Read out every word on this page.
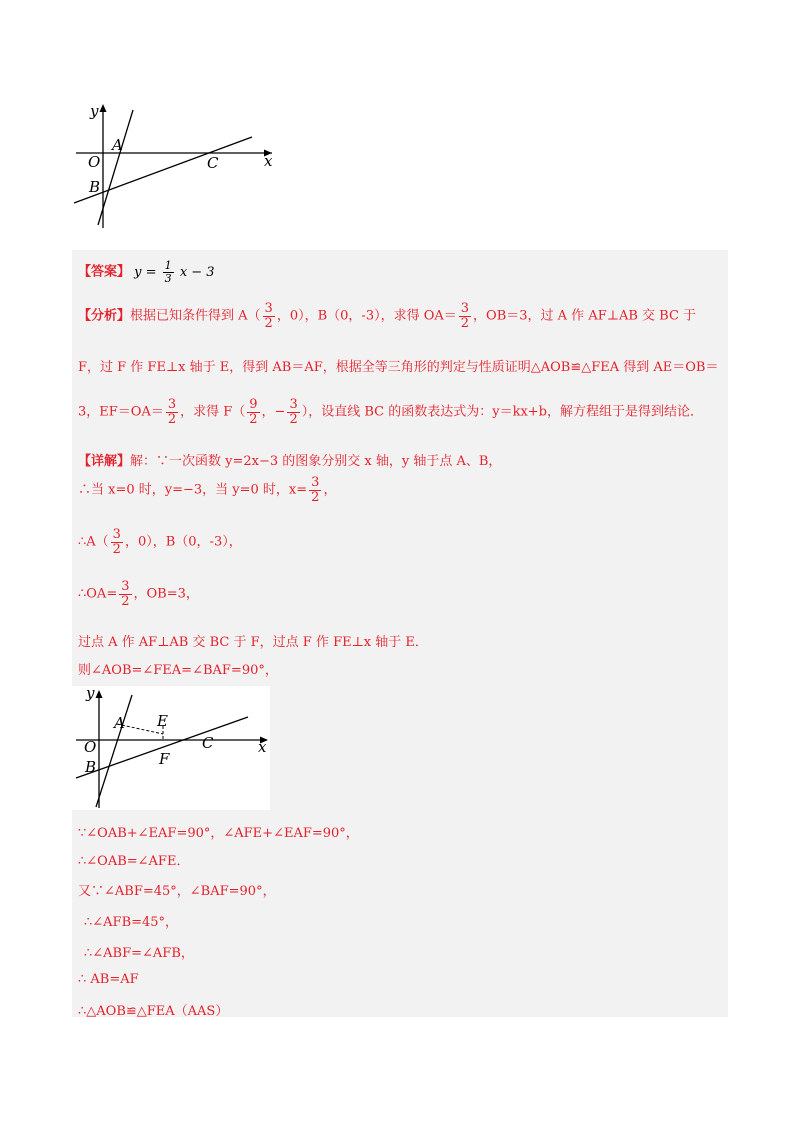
y
x
O
A
B
C
【答案】 $y = \frac{1}{3}$ x − 3
【分析】根据已知条件得到 $A( \frac{3}{2}$ ，0），B（0，‑3），求得 $OA= \frac{3}{2}$ ，OB＝3，过 A 作 AF⊥AB 交 BC 于
F，过 F 作 FE⊥x 轴于 E，得到 AB＝AF，根据全等三角形的判定与性质证明△AOB≌△FEA 得到 AE＝OB＝
3，$EF=OA= \frac{3}{2}$ ，求得 $F( \frac{9}{2}$ ，− $\frac{3}{2}$ ），设直线 BC 的函数表达式为：y＝kx+b，解方程组于是得到结论．
【详解】解：∵一次函数 y=2x−3 的图象分别交 x 轴，y 轴于点 A、B，
∴当 x=0 时，y=−3，当 y=0 时，$x= \frac{3}{2}$ ，
∴A（ $\frac{3}{2}$ ，0），B（0，‑3），
∴OA= $\frac{3}{2}$ ，OB=3，
过点 A 作 AF⊥AB 交 BC 于 F，过点 F 作 FE⊥x 轴于 E．
则∠AOB=∠FEA=∠BAF=90°，
∵∠OAB+∠EAF=90°，∠AFE+∠EAF=90°，
∴∠OAB=∠AFE．
又∵∠ABF=45°，∠BAF=90°，
∴∠AFB=45°，
∴∠ABF=∠AFB，
∴ AB=AF
∴△AOB≌△FEA（AAS）
y
x
O
A
B
C
E
F
